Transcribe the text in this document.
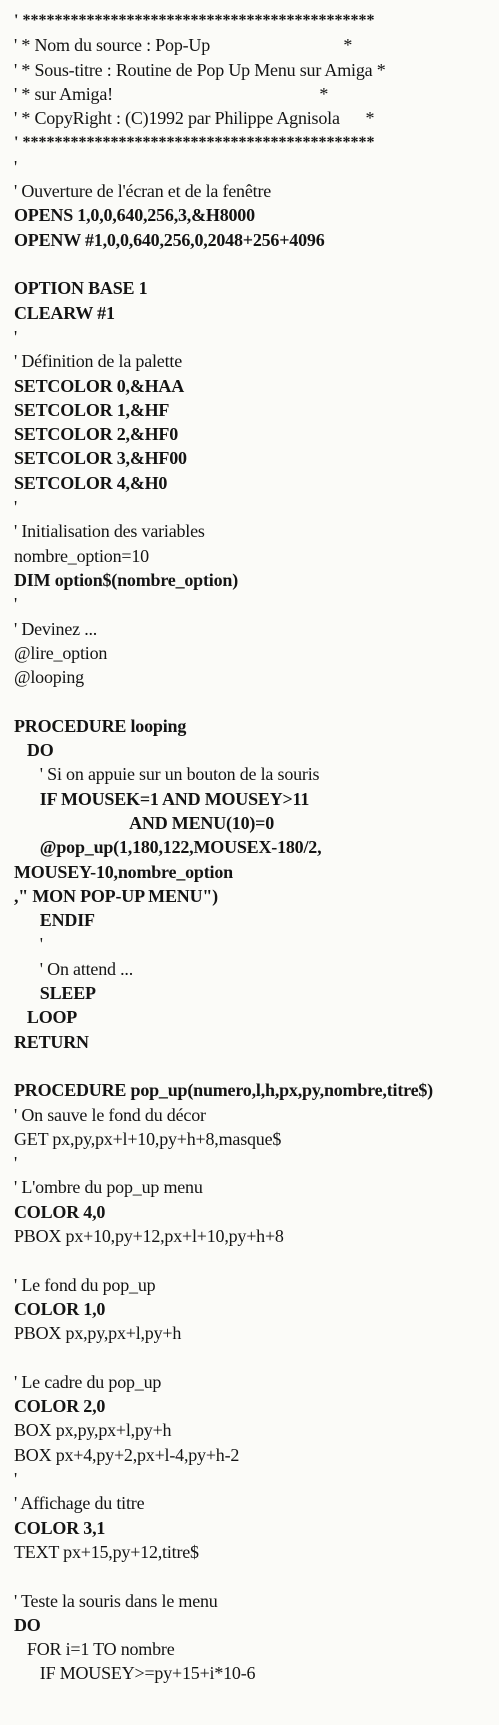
' ********************************************
' * Nom du source : Pop-Up                               *
' * Sous-titre : Routine de Pop Up Menu sur Amiga *
' * sur Amiga!                                                *
' * CopyRight : (C)1992 par Philippe Agnisola      *
' ********************************************
'
' Ouverture de l'écran et de la fenêtre
OPENS 1,0,0,640,256,3,&H8000
OPENW #1,0,0,640,256,0,2048+256+4096
OPTION BASE 1
CLEARW #1
'
' Définition de la palette
SETCOLOR 0,&HAA
SETCOLOR 1,&HF
SETCOLOR 2,&HF0
SETCOLOR 3,&HF00
SETCOLOR 4,&H0
'
' Initialisation des variables
nombre_option=10
DIM option$(nombre_option)
'
' Devinez ...
@lire_option
@looping
PROCEDURE looping
DO
' Si on appuie sur un bouton de la souris
IF MOUSEK=1 AND MOUSEY>11
AND MENU(10)=0
@pop_up(1,180,122,MOUSEX-180/2,
MOUSEY-10,nombre_option
," MON POP-UP MENU")
ENDIF
'
' On attend ...
SLEEP
LOOP
RETURN
PROCEDURE pop_up(numero,l,h,px,py,nombre,titre$)
' On sauve le fond du décor
GET px,py,px+l+10,py+h+8,masque$
'
' L'ombre du pop_up menu
COLOR 4,0
PBOX px+10,py+12,px+l+10,py+h+8
' Le fond du pop_up
COLOR 1,0
PBOX px,py,px+l,py+h
' Le cadre du pop_up
COLOR 2,0
BOX px,py,px+l,py+h
BOX px+4,py+2,px+l-4,py+h-2
'
' Affichage du titre
COLOR 3,1
TEXT px+15,py+12,titre$
' Teste la souris dans le menu
DO
FOR i=1 TO nombre
IF MOUSEY>=py+15+i*10-6
